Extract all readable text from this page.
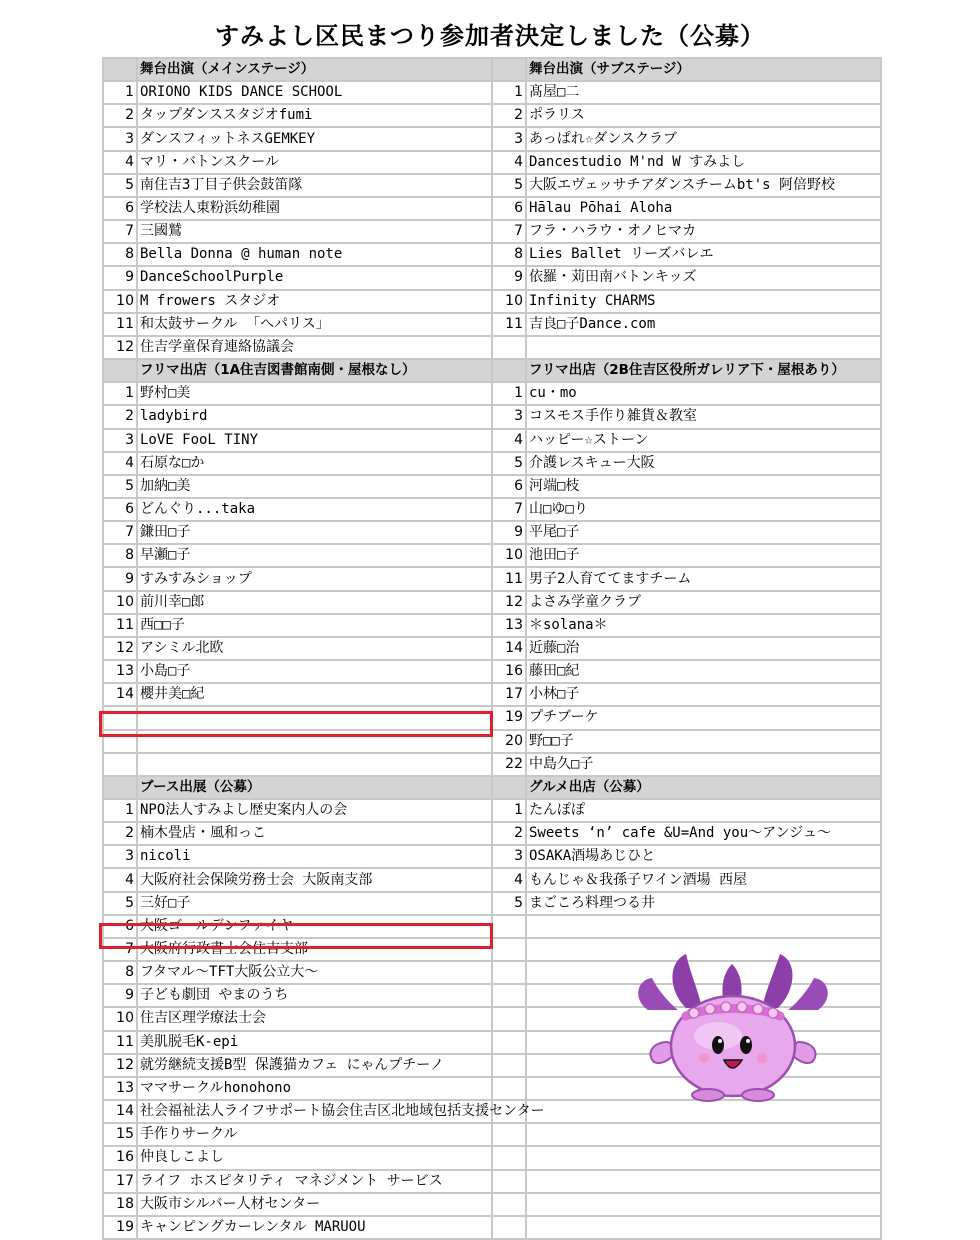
すみよし区民まつり参加者決定しました（公募）
	舞台出演（メインステージ）		舞台出演（サブステージ）
1	ORIONO KIDS DANCE SCHOOL	1	髙屋□二
2	タップダンススタジオfumi	2	ポラリス
3	ダンスフィットネスGEMKEY	3	あっぱれ☆ダンスクラブ
4	マリ・バトンスクール	4	Dancestudio M'nd W すみよし
5	南住吉3丁目子供会鼓笛隊	5	大阪エヴェッサチアダンスチームbt's 阿倍野校
6	学校法人東粉浜幼稚園	6	Hālau Pōhai Aloha
7	三國鷲	7	フラ・ハラウ・オノヒマカ
8	Bella Donna @ human note	8	Lies Ballet リーズバレエ
9	DanceSchoolPurple	9	依羅・苅田南バトンキッズ
10	M frowers スタジオ	10	Infinity CHARMS
11	和太鼓サークル 「へパリス」	11	吉良□子Dance.com
12	住吉学童保育連絡協議会		
	フリマ出店（1A住吉図書館南側・屋根なし）		フリマ出店（2B住吉区役所ガレリア下・屋根あり）
1	野村□美	1	cu・mo
2	ladybird	3	コスモス手作り雑貨＆教室
3	LoVE FooL TINY	4	ハッピー☆ストーン
4	石原な□か	5	介護レスキュー大阪
5	加納□美	6	河端□枝
6	どんぐり...taka	7	山□ゆ□り
7	鎌田□子	9	平尾□子
8	早瀬□子	10	池田□子
9	すみすみショップ	11	男子2人育ててますチーム
10	前川幸□郎	12	よさみ学童クラブ
11	西□□子	13	＊solana＊
12	アシミル北欧	14	近藤□治
13	小島□子	16	藤田□紀
14	櫻井美□紀	17	小林□子
		19	プチブーケ
		20	野□□子
		22	中島久□子
	ブース出展（公募）		グルメ出店（公募）
1	NPO法人すみよし歴史案内人の会	1	たんぽぽ
2	楠木畳店・風和っこ	2	Sweets ‘n’ cafe &U=And you～アンジュ～
3	nicoli	3	OSAKA酒場あじひと
4	大阪府社会保険労務士会 大阪南支部	4	もんじゃ＆我孫子ワイン酒場 西屋
5	三好□子	5	まごころ料理つる井
6	大阪ゴールデンファイヤー		
7	大阪府行政書士会住吉支部		
8	フタマル～TFT大阪公立大～		
9	子ども劇団 やまのうち		
10	住吉区理学療法士会		
11	美肌脱毛K-epi		
12	就労継続支援B型 保護猫カフェ にゃんプチーノ		
13	ママサークルhonohono		
14	社会福祉法人ライフサポート協会住吉区北地域包括支援センター		
15	手作りサークル		
16	仲良しこよし		
17	ライフ ホスピタリティ マネジメント サービス		
18	大阪市シルバー人材センター		
19	キャンピングカーレンタル MARUOU		
